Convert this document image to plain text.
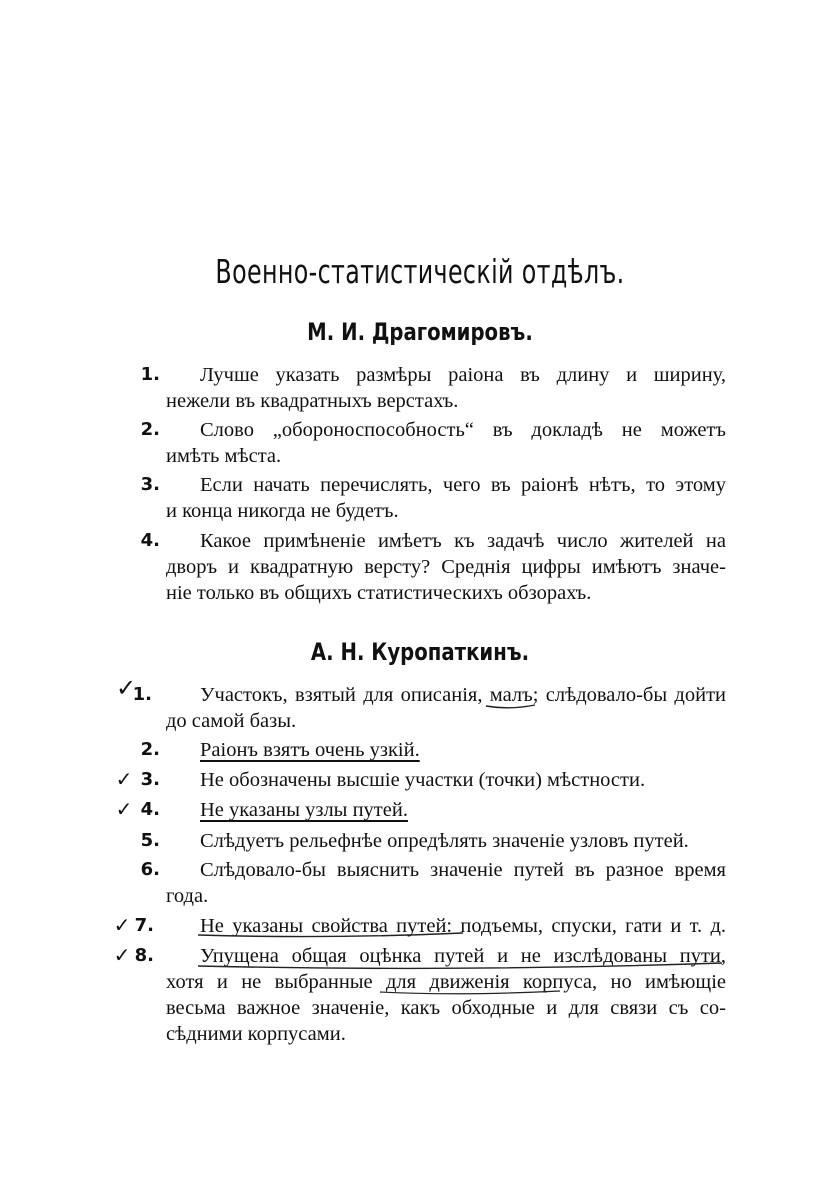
Военно-статистическій отдѣлъ.
М. И. Драгомировъ.
1. Лучше указать размѣры раіона въ длину и ширину,
нежели въ квадратныхъ верстахъ.
2. Слово „обороноспособность“ въ докладѣ не можетъ
имѣть мѣста.
3. Если начать перечислять, чего въ раіонѣ нѣтъ, то этому
и конца никогда не будетъ.
4. Какое примѣненіе имѣетъ къ задачѣ число жителей на
дворъ и квадратную версту? Среднія цифры имѣютъ значе-
ніе только въ общихъ статистическихъ обзорахъ.
А. Н. Куропаткинъ.
✓
1. Участокъ, взятый для описанія, малъ; слѣдовало-бы дойти
до самой базы.
2. Раіонъ взятъ очень узкій.
✓ 3. Не обозначены высшіе участки (точки) мѣстности.
✓ 4. Не указаны узлы путей.
5. Слѣдуетъ рельефнѣе опредѣлять значеніе узловъ путей.
6. Слѣдовало-бы выяснить значеніе путей въ разное время
года.
✓ 7. Не указаны свойства путей: подъемы, спуски, гати и т. д.
✓ 8. Упущена общая оцѣнка путей и не изслѣдованы пути,
хотя и не выбранные для движенія корпуса, но имѣющіе
весьма важное значеніе, какъ обходные и для связи съ со-
сѣдними корпусами.
